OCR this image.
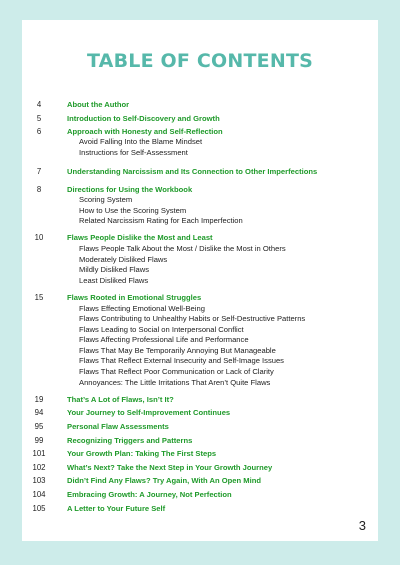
TABLE OF CONTENTS
4	About the Author
5	Introduction to Self-Discovery and Growth
6	Approach with Honesty and Self-Reflection
Avoid Falling Into the Blame Mindset
Instructions for Self-Assessment
7	Understanding Narcissism and Its Connection to Other Imperfections
8	Directions for Using the Workbook
Scoring System
How to Use the Scoring System
Related Narcissism Rating for Each Imperfection
10	Flaws People Dislike the Most and Least
Flaws People Talk About the Most / Dislike the Most in Others
Moderately Disliked Flaws
Mildly Disliked Flaws
Least Disliked Flaws
15	Flaws Rooted in Emotional Struggles
Flaws Effecting Emotional Well-Being
Flaws Contributing to Unhealthy Habits or Self-Destructive Patterns
Flaws Leading to Social on Interpersonal Conflict
Flaws Affecting Professional Life and Performance
Flaws That May Be Temporarily Annoying But Manageable
Flaws That Reflect External Insecurity and Self-Image Issues
Flaws That Reflect Poor Communication or Lack of Clarity
Annoyances: The Little Irritations That Aren’t Quite Flaws
19	That’s A Lot of Flaws, Isn’t It?
94	Your Journey to Self-Improvement Continues
95	Personal Flaw Assessments
99	Recognizing Triggers and Patterns
101	Your Growth Plan: Taking The First Steps
102	What’s Next? Take the Next Step in Your Growth Journey
103	Didn’t Find Any Flaws? Try Again, With An Open Mind
104	Embracing Growth: A Journey, Not Perfection
105	A Letter to Your Future Self
3
